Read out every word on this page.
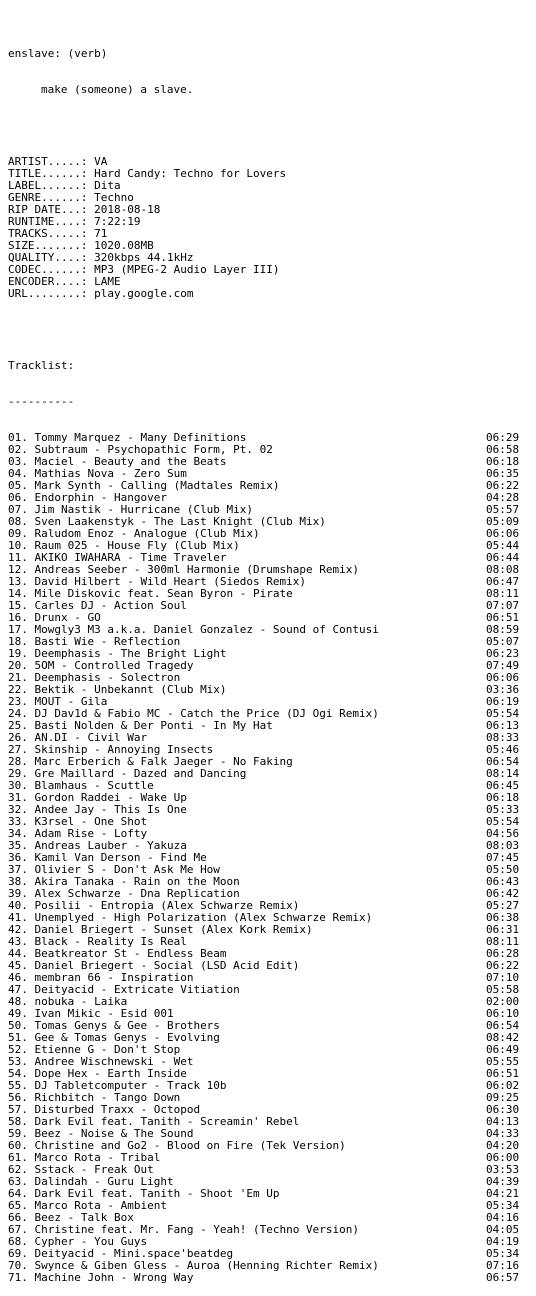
enslave: (verb)

make (someone) a slave.

ARTIST.....: VA
TITLE......: Hard Candy: Techno for Lovers
LABEL......: Dita
GENRE......: Techno
RIP DATE...: 2018-08-18
RUNTIME....: 7:22:19
TRACKS.....: 71
SIZE.......: 1020.08MB
QUALITY....: 320kbps 44.1kHz
CODEC......: MP3 (MPEG-2 Audio Layer III)
ENCODER....: LAME
URL........: play.google.com

Tracklist:

----------

01. Tommy Marquez - Many Definitions	06:29
02. Subtraum - Psychopathic Form, Pt. 02	06:58
03. Maciel - Beauty and the Beats	06:18
04. Mathias Nova - Zero Sum	06:35
05. Mark Synth - Calling (Madtales Remix)	06:22
06. Endorphin - Hangover	04:28
07. Jim Nastik - Hurricane (Club Mix)	05:57
08. Sven Laakenstyk - The Last Knight (Club Mix)	05:09
09. Raludom Enoz - Analogue (Club Mix)	06:06
10. Raum 025 - House Fly (Club Mix)	05:44
11. AKIKO IWAHARA - Time Traveler	06:44
12. Andreas Seeber - 300ml Harmonie (Drumshape Remix)	08:08
13. David Hilbert - Wild Heart (Siedos Remix)	06:47
14. Mile Diskovic feat. Sean Byron - Pirate	08:11
15. Carles DJ - Action Soul	07:07
16. Drunx - GO	06:51
17. Mowgly3 M3 a.k.a. Daniel Gonzalez - Sound of Contusi	08:59
18. Basti Wie - Reflection	05:07
19. Deemphasis - The Bright Light	06:23
20. 5OM - Controlled Tragedy	07:49
21. Deemphasis - Solectron	06:06
22. Bektik - Unbekannt (Club Mix)	03:36
23. MOUT - Gila	06:19
24. DJ Dav1d & Fabio MC - Catch the Price (DJ Ogi Remix)	05:54
25. Basti Nolden & Der Ponti - In My Hat	06:13
26. AN.DI - Civil War	08:33
27. Skinship - Annoying Insects	05:46
28. Marc Erberich & Falk Jaeger - No Faking	06:54
29. Gre Maillard - Dazed and Dancing	08:14
30. Blamhaus - Scuttle	06:45
31. Gordon Raddei - Wake Up	06:18
32. Andee Jay - This Is One	05:33
33. K3rsel - One Shot	05:54
34. Adam Rise - Lofty	04:56
35. Andreas Lauber - Yakuza	08:03
36. Kamil Van Derson - Find Me	07:45
37. Olivier S - Don't Ask Me How	05:50
38. Akira Tanaka - Rain on the Moon	06:43
39. Alex Schwarze - Dna Replication	06:42
40. Posilii - Entropia (Alex Schwarze Remix)	05:27
41. Unemplyed - High Polarization (Alex Schwarze Remix)	06:38
42. Daniel Briegert - Sunset (Alex Kork Remix)	06:31
43. Black - Reality Is Real	08:11
44. Beatkreator St - Endless Beam	06:28
45. Daniel Briegert - Social (LSD Acid Edit)	06:22
46. membran 66 - Inspiration	07:10
47. Deityacid - Extricate Vitiation	05:58
48. nobuka - Laika	02:00
49. Ivan Mikic - Esid 001	06:10
50. Tomas Genys & Gee - Brothers	06:54
51. Gee & Tomas Genys - Evolving	08:42
52. Etienne G - Don't Stop	06:49
53. Andree Wischnewski - Wet	05:55
54. Dope Hex - Earth Inside	06:51
55. DJ Tabletcomputer - Track 10b	06:02
56. Richbitch - Tango Down	09:25
57. Disturbed Traxx - Octopod	06:30
58. Dark Evil feat. Tanith - Screamin' Rebel	04:13
59. Beez - Noise & The Sound	04:33
60. Christine and Go2 - Blood on Fire (Tek Version)	04:20
61. Marco Rota - Tribal	06:00
62. Sstack - Freak Out	03:53
63. Dalindah - Guru Light	04:39
64. Dark Evil feat. Tanith - Shoot 'Em Up	04:21
65. Marco Rota - Ambient	05:34
66. Beez - Talk Box	04:16
67. Christine feat. Mr. Fang - Yeah! (Techno Version)	04:05
68. Cypher - You Guys	04:19
69. Deityacid - Mini.space'beatdeg	05:34
70. Swynce & Giben Gless - Auroa (Henning Richter Remix)	07:16
71. Machine John - Wrong Way	06:57
